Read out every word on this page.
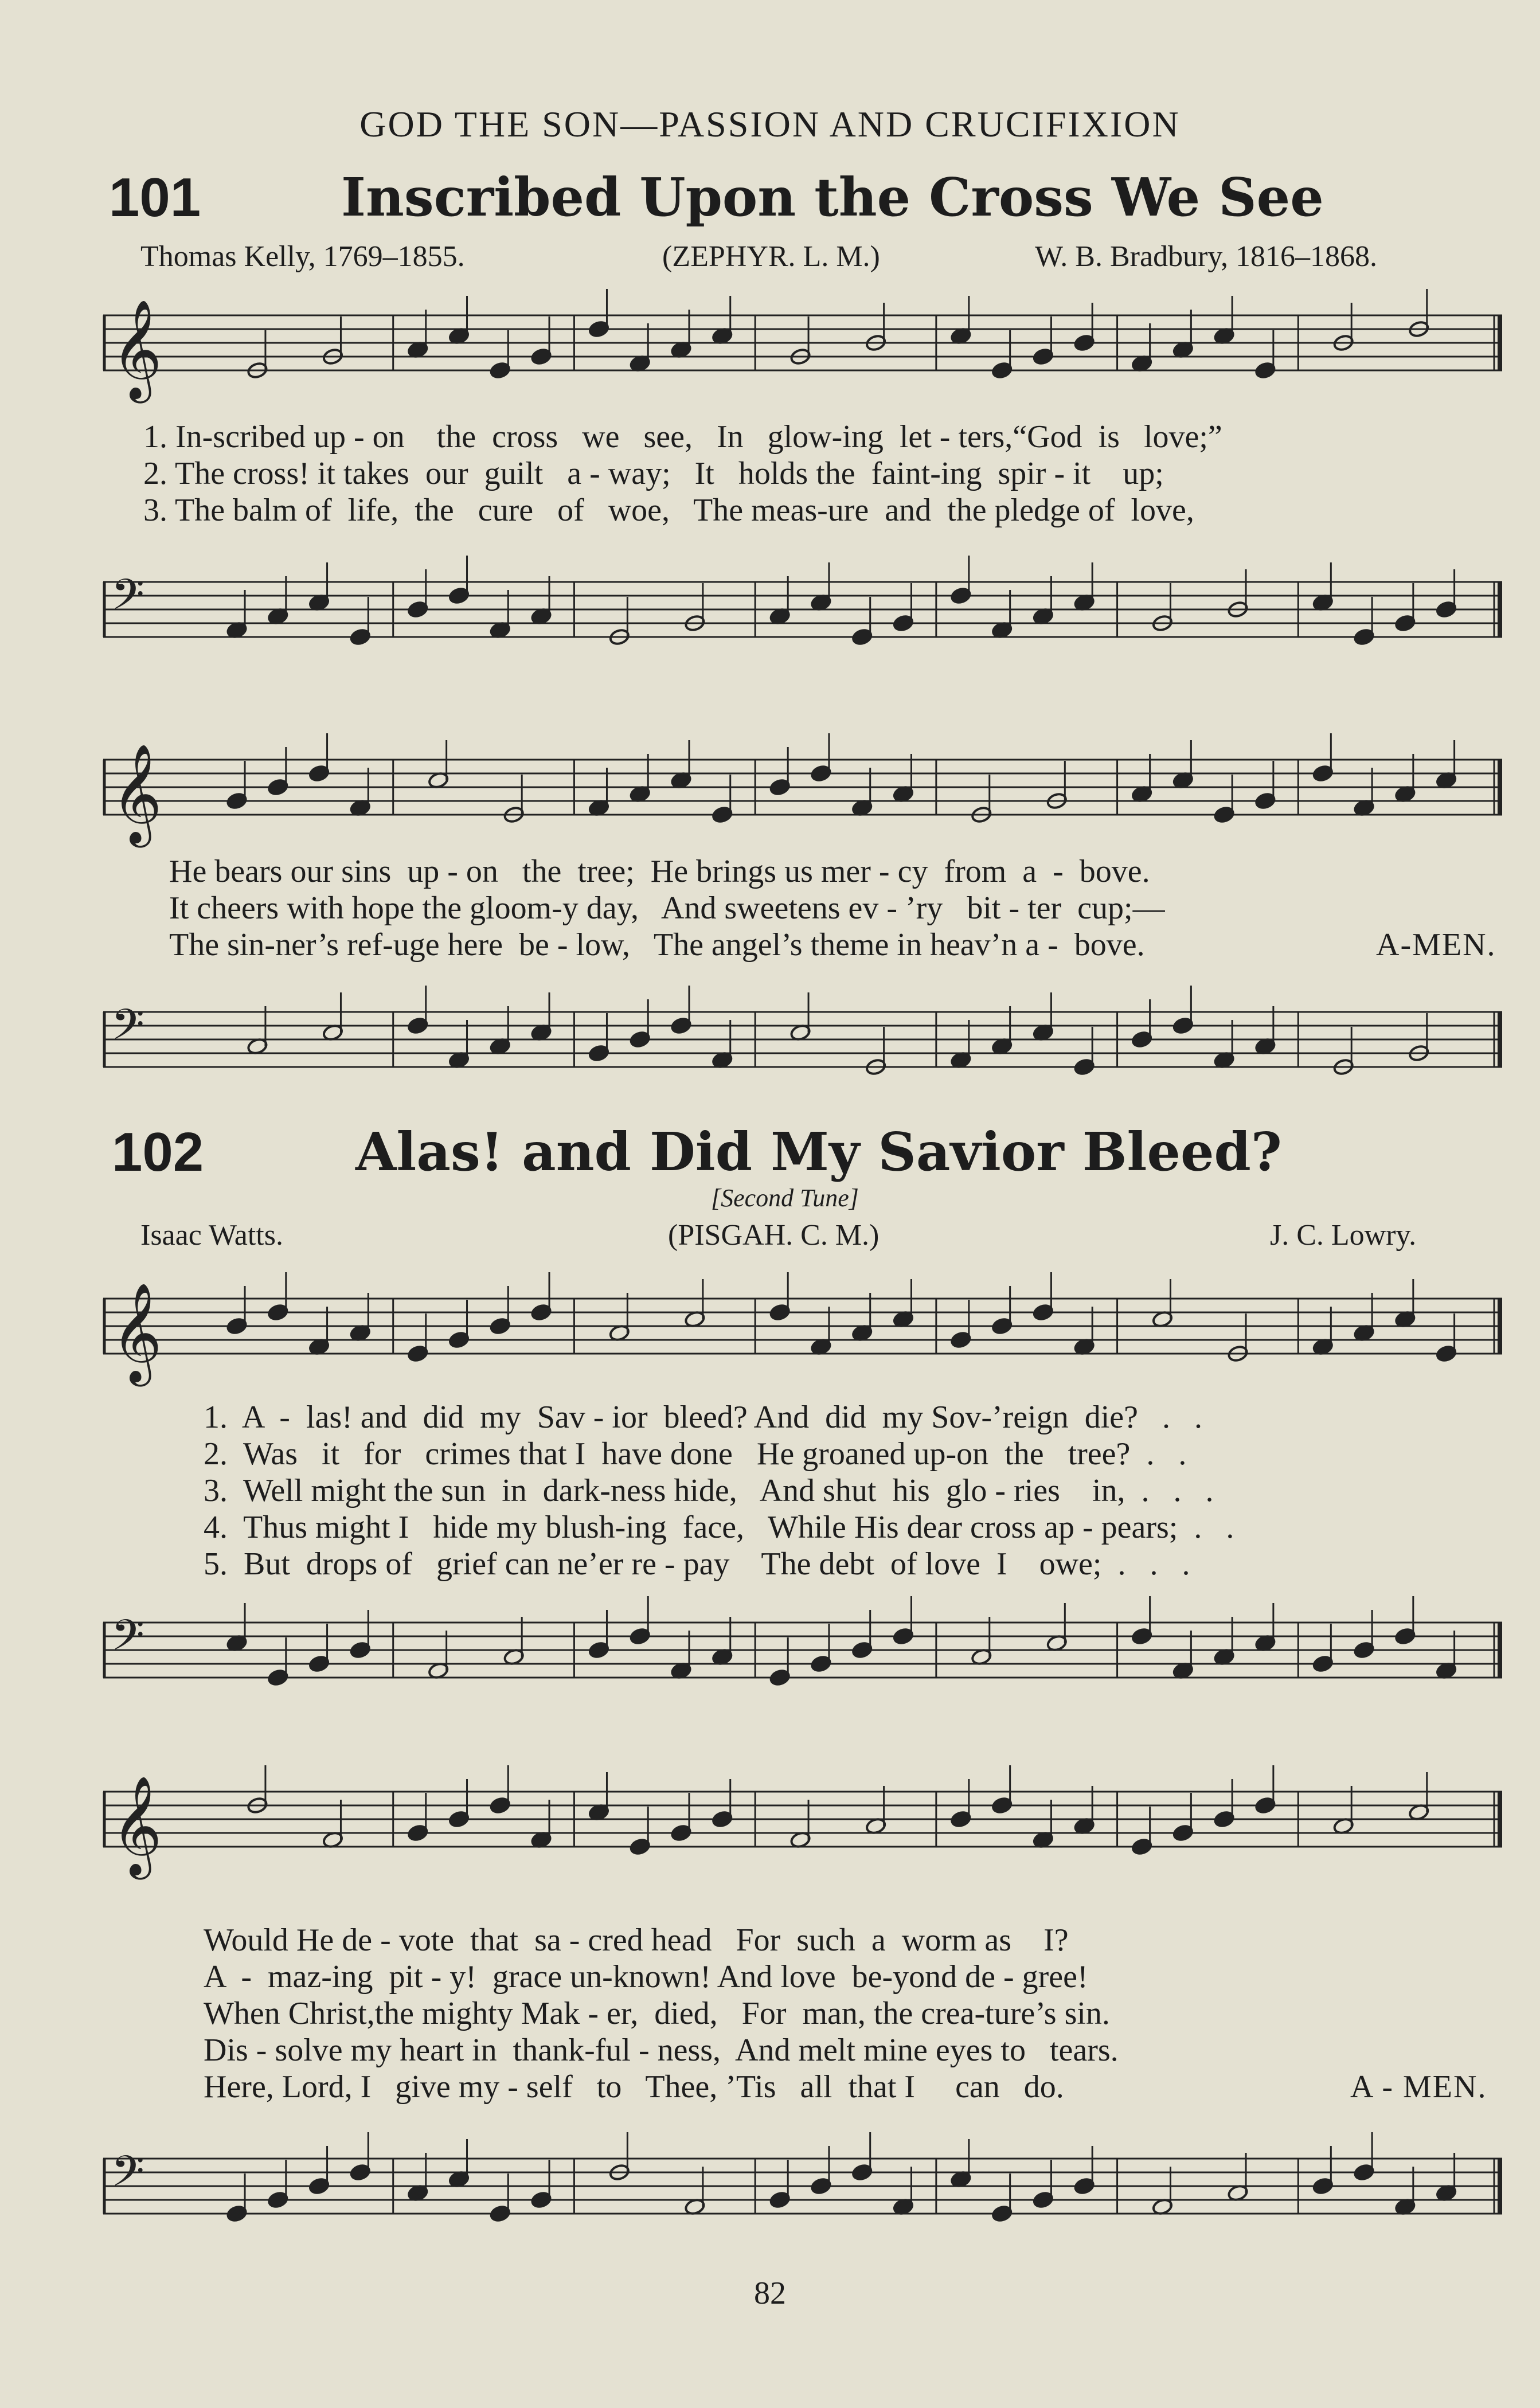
GOD THE SON—PASSION AND CRUCIFIXION
101	Inscribed Upon the Cross We See
Thomas Kelly, 1769–1855.	(ZEPHYR. L. M.)	W. B. Bradbury, 1816–1868.
𝄞
1. In-scribed up - on    the  cross   we   see,   In   glow-ing  let - ters,“God  is   love;”
2. The cross! it takes  our  guilt   a - way;   It   holds the  faint-ing  spir - it    up;
3. The balm of  life,  the   cure   of   woe,   The meas-ure  and  the pledge of  love,
𝄢
𝄞
He bears our sins  up - on   the  tree;  He brings us mer - cy  from  a  -  bove.
It cheers with hope the gloom-y day,   And sweetens ev - ’ry   bit - ter  cup;—
The sin-ner’s ref-uge here  be - low,   The angel’s theme in heav’n a -  bove.	A-MEN.
𝄢
102	Alas! and Did My Savior Bleed?
[Second Tune]
Isaac Watts.	(PISGAH. C. M.)	J. C. Lowry.
𝄞
1.  A  -  las! and  did  my  Sav - ior  bleed? And  did  my Sov-’reign  die?   .   .
2.  Was   it   for   crimes that I  have done   He groaned up-on  the   tree?  .   .
3.  Well might the sun  in  dark-ness hide,   And shut  his  glo - ries    in,  .   .   .
4.  Thus might I   hide my blush-ing  face,   While His dear cross ap - pears;  .   .
5.  But  drops of   grief can ne’er re - pay    The debt  of love  I    owe;  .   .   .
𝄢
𝄞
Would He de - vote  that  sa - cred head   For  such  a  worm as    I?
A  -  maz-ing  pit - y!  grace un-known! And love  be-yond de - gree!
When Christ,the mighty Mak - er,  died,   For  man, the crea-ture’s sin.
Dis - solve my heart in  thank-ful - ness,  And melt mine eyes to   tears.
Here, Lord, I   give my - self   to   Thee, ’Tis   all  that I     can   do.	A - MEN.
𝄢
82
